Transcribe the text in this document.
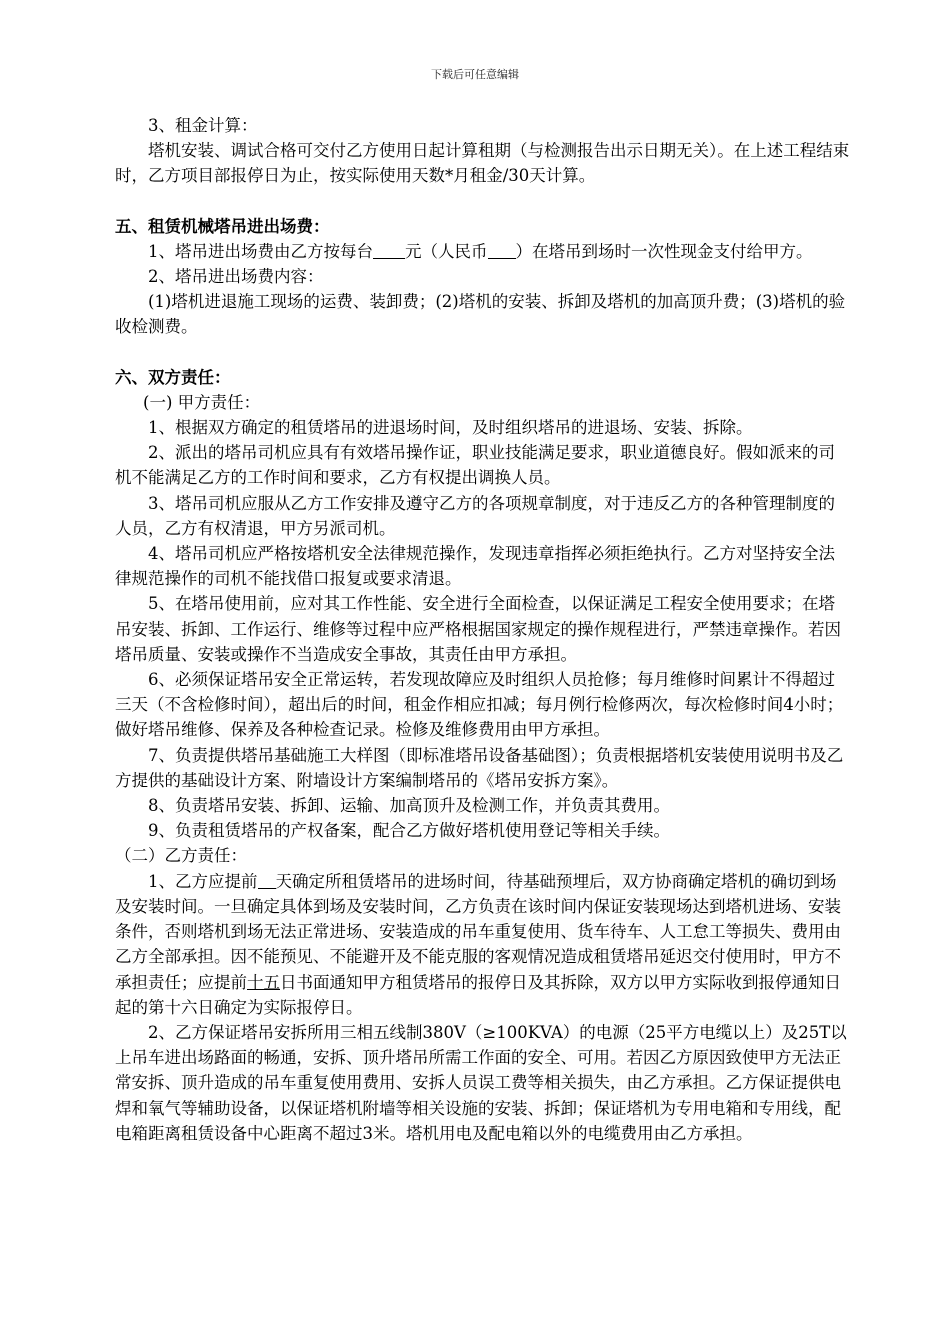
下载后可任意编辑

3、租金计算：

塔机安装、调试合格可交付乙方使用日起计算租期（与检测报告出示日期无关）。在上述工程结束时，乙方项目部报停日为止，按实际使用天数*月租金/30天计算。

五、租赁机械塔吊进出场费：

1、塔吊进出场费由乙方按每台 元（人民币 ）在塔吊到场时一次性现金支付给甲方。

2、塔吊进出场费内容：

(1)塔机进退施工现场的运费、装卸费；(2)塔机的安装、拆卸及塔机的加高顶升费；(3)塔机的验收检测费。

六、双方责任：

(一) 甲方责任：

1、根据双方确定的租赁塔吊的进退场时间，及时组织塔吊的进退场、安装、拆除。

2、派出的塔吊司机应具有有效塔吊操作证，职业技能满足要求，职业道德良好。假如派来的司机不能满足乙方的工作时间和要求，乙方有权提出调换人员。

3、塔吊司机应服从乙方工作安排及遵守乙方的各项规章制度，对于违反乙方的各种管理制度的人员，乙方有权清退，甲方另派司机。

4、塔吊司机应严格按塔机安全法律规范操作，发现违章指挥必须拒绝执行。乙方对坚持安全法律规范操作的司机不能找借口报复或要求清退。

5、在塔吊使用前，应对其工作性能、安全进行全面检查，以保证满足工程安全使用要求；在塔吊安装、拆卸、工作运行、维修等过程中应严格根据国家规定的操作规程进行，严禁违章操作。若因塔吊质量、安装或操作不当造成安全事故，其责任由甲方承担。

6、必须保证塔吊安全正常运转，若发现故障应及时组织人员抢修；每月维修时间累计不得超过三天（不含检修时间），超出后的时间，租金作相应扣减；每月例行检修两次，每次检修时间4小时；做好塔吊维修、保养及各种检查记录。检修及维修费用由甲方承担。

7、负责提供塔吊基础施工大样图（即标准塔吊设备基础图）；负责根据塔机安装使用说明书及乙方提供的基础设计方案、附墙设计方案编制塔吊的《塔吊安拆方案》。

8、负责塔吊安装、拆卸、运输、加高顶升及检测工作，并负责其费用。

9、负责租赁塔吊的产权备案，配合乙方做好塔机使用登记等相关手续。

（二）乙方责任：

1、乙方应提前 天确定所租赁塔吊的进场时间，待基础预埋后，双方协商确定塔机的确切到场及安装时间。一旦确定具体到场及安装时间，乙方负责在该时间内保证安装现场达到塔机进场、安装条件，否则塔机到场无法正常进场、安装造成的吊车重复使用、货车待车、人工怠工等损失、费用由乙方全部承担。因不能预见、不能避开及不能克服的客观情况造成租赁塔吊延迟交付使用时，甲方不承担责任；应提前十五日书面通知甲方租赁塔吊的报停日及其拆除，双方以甲方实际收到报停通知日起的第十六日确定为实际报停日。

2、乙方保证塔吊安拆所用三相五线制380V（≥100KVA）的电源（25平方电缆以上）及25T以上吊车进出场路面的畅通，安拆、顶升塔吊所需工作面的安全、可用。若因乙方原因致使甲方无法正常安拆、顶升造成的吊车重复使用费用、安拆人员误工费等相关损失，由乙方承担。乙方保证提供电焊和氧气等辅助设备，以保证塔机附墙等相关设施的安装、拆卸；保证塔机为专用电箱和专用线，配电箱距离租赁设备中心距离不超过3米。塔机用电及配电箱以外的电缆费用由乙方承担。
